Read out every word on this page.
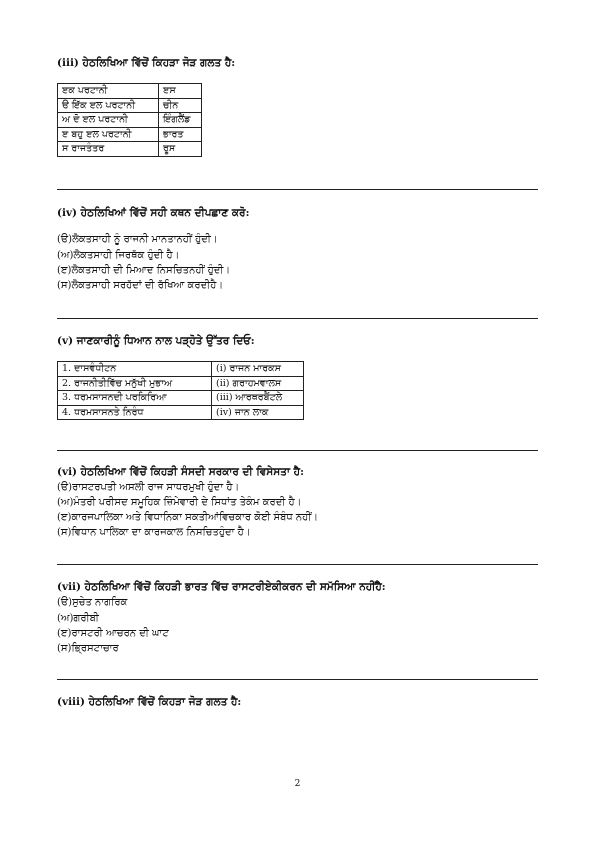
(iii) ਹੇਠਲਿਖਿਆ ਵਿੱਚੋਂ ਕਿਹੜਾ ਜੋੜ ਗਲਤ ਹੈ:
ੲਕ ਪਰਟਾਨੀ	ੲਸ
ੳ ਇੱਕ ੲਲ ਪਰਟਾਨੀ	ਚੀਨ
ਅ ਦੋ ੲਲ ਪਰਟਾਨੀ	ਇੰਗਲੈਂਡ
ੲ ਬਹੁ ੲਲ ਪਰਟਾਨੀ	ਭਾਰਤ
ਸ ਰਾਜਤੰਤਰ	ਰੂਸ
(iv) ਹੇਠਲਿਖਿਆਂ ਵਿੱਚੋਂ ਸਹੀ ਕਥਨ ਦੀਪਛਾਣ ਕਰੋ:
(ੳ)ਲੋਕਤਸਾਹੀ ਨੂੰ ਰਾਜਨੀ ਮਾਨਤਾਨਹੀਂ ਹੁੰਦੀ।
(ਅ)ਲੋਕਤਸਾਹੀ ਜਿਰਥੱਕ ਹੁੰਦੀ ਹੈ।
(ੲ)ਲੋਕਤਸਾਹੀ ਦੀ ਮਿਆਦ ਨਿਸਚਿਤਨਹੀਂ ਹੁੰਦੀ।
(ਸ)ਲੋਕਤਸਾਹੀ ਸਰਹੱਦਾਂ ਦੀ ਰੱਖਿਆ ਕਰਦੀਹੈ।
(v) ਜਾਣਕਾਰੀਨੂੰ ਧਿਆਨ ਨਾਲ ਪੜ੍ਹੋਤੇ ਉੱਤਰ ਦਿਓ:
1. ਦਾਸਵੰਧੀਟਨ	(i) ਰਾਜਨ ਮਾਰਕਸ
2. ਰਾਜਨੀਤੀਵਿੱਚ ਮਨੁੱਖੀ ਮੁਭਾਅ	(ii) ਗਰਾਹਮਵਾਲਸ
3. ਧਰਮਸਾਸਨਦੀ ਪਰਕਿਰਿਆ	(iii) ਆਰਥਰਬੈਂਟਲੇ
4. ਧਰਮਸਾਸਨਤੇ ਨਿਰੰਧ	(iv) ਜਾਨ ਲਾਕ
(vi) ਹੇਠਲਿਖਿਆ ਵਿੱਚੋਂ ਕਿਹੜੀ ਸੰਸਦੀ ਸਰਕਾਰ ਦੀ ਵਿਸੇਸਤਾ ਹੈ:
(ੳ)ਰਾਸਟਰਪਤੀ ਅਸਲੀ ਰਾਜ ਸਾਧਰਮੁਖੀ ਹੁੰਦਾ ਹੈ।
(ਅ)ਮੰਤਰੀ ਪਰੀਸਦ ਸਮੂਹਿਕ ਜ਼ਿੰਮੇਵਾਰੀ ਦੇ ਸਿਧਾਂਤ ਤੇਕੰਮ ਕਰਦੀ ਹੈ।
(ੲ)ਕਾਰਜਪਾਲਿਕਾ ਅਤੇ ਵਿਧਾਨਿਕਾ ਸਕਤੀਆਂਵਿਚਕਾਰ ਕੋਈ ਸੰਬੰਧ ਨਹੀਂ।
(ਸ)ਵਿਧਾਨ ਪਾਲਿਕਾ ਦਾ ਕਾਰਜਕਾਲ ਨਿਸਚਿਤਹੁੰਦਾ ਹੈ।
(vii) ਹੇਠਲਿਖਿਆ ਵਿੱਚੋਂ ਕਿਹੜੀ ਭਾਰਤ ਵਿੱਚ ਰਾਸਟਰੀਏਕੀਕਰਨ ਦੀ ਸਮੱਸਿਆ ਨਹੀਂਹੈ:
(ੳ)ਸੁਚੇਤ ਨਾਗਰਿਕ
(ਅ)ਗਰੀਬੀ
(ੲ)ਰਾਸਟਰੀ ਆਚਰਨ ਦੀ ਘਾਟ
(ਸ)ਭ੍ਰਿਸਟਾਚਾਰ
(viii) ਹੇਠਲਿਖਿਆ ਵਿੱਚੋਂ ਕਿਹੜਾ ਜੋੜ ਗਲਤ ਹੈ:
2
